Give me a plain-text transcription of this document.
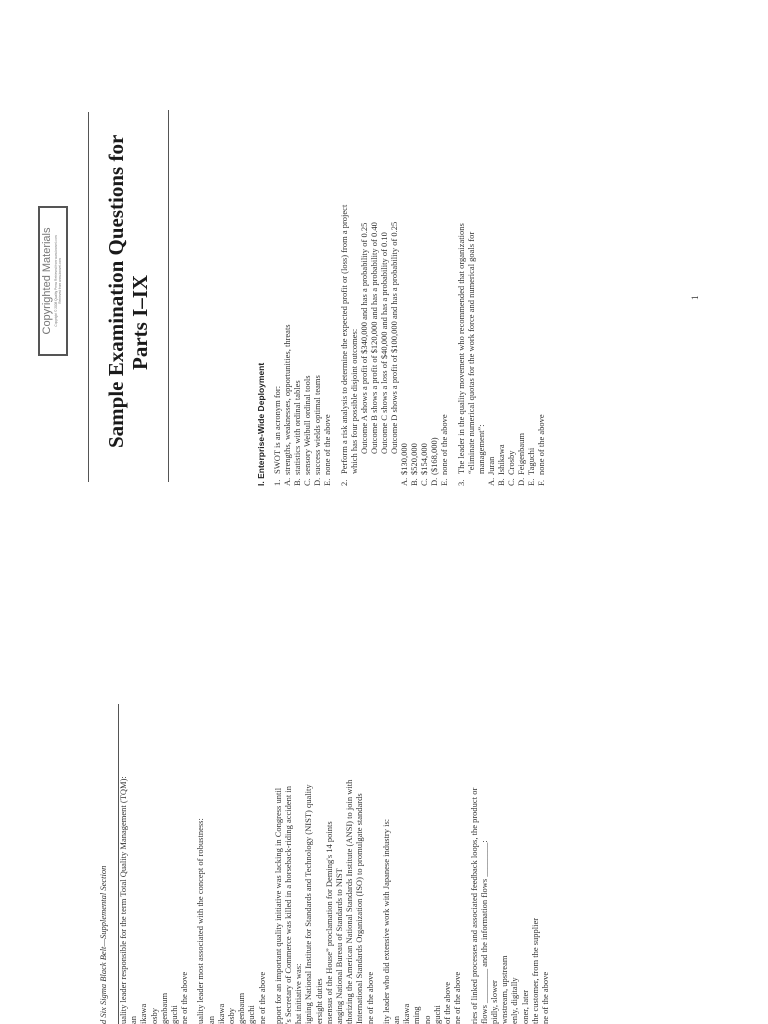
Sample Examination Questions for Parts I–IX
Copyrighted Materials Copyright © 2008 Quality Press Retrieved from www.knovel.com Retrieved from www.knovel.com	1
I. Enterprise-Wide Deployment 1.
SWOT is an acronym for:
A.
strengths, weaknesses, opportunities, threats
B.
statistics with ordinal tables
C.
sensory Weibull ordinal tools
D.
success wields optimal teams
E.
none of the above
2.
Perform a risk analysis to determine the expected profit or (loss) from a project which has four possible disjoint outcomes: Outcome A shows a profit of $340,000 and has a probability of 0.25 Outcome B shows a profit of $120,000 and has a probability of 0.40 Outcome C shows a loss of $40,000 and has a probability of 0.10 Outcome D shows a profit of $100,000 and has a probability of 0.25
A.
$130,000
B.
$520,000
C.
$154,000
D.
($168,000)
E.
none of the above
3.
The leader in the quality movement who recommended that organizations “eliminate numerical quotas for the work force and numerical goals for management”:
A.
Juran
B.
Ishikawa
C.
Crosby
D.
Feigenbaum
E.
Taguchi
F.
none of the above
d Six Sigma Black Belt—Supplemental Section uality leader responsible for the term Total Quality Management (TQM): an ikawa osby genbaum guchi ne of the above uality leader most associated with the concept of robustness: an ikawa osby genbaum guchi ne of the above pport for an important quality initiative was lacking in Congress until 's Secretary of Commerce was killed in a horseback-riding accident in hat initiative was: igning National Institute for Standards and Technology (NIST) quality ersight duties nsensus of the House” proclamation for Deming's 14 points anging National Bureau of Standards to NIST thorizing the American National Standards Institute (ANSI) to join with International Standards Organization (ISO) to promulgate standards ne of the above ity leader who did extensive work with Japanese industry is: an ikawa ming no guchi of the above ne of the above ries of linked processes and associated feedback loops, the product or flows ________ and the information flows ________: pidly, slower wnstream, upstream enly, digitally oner, later the customer, from the supplier ne of the above
